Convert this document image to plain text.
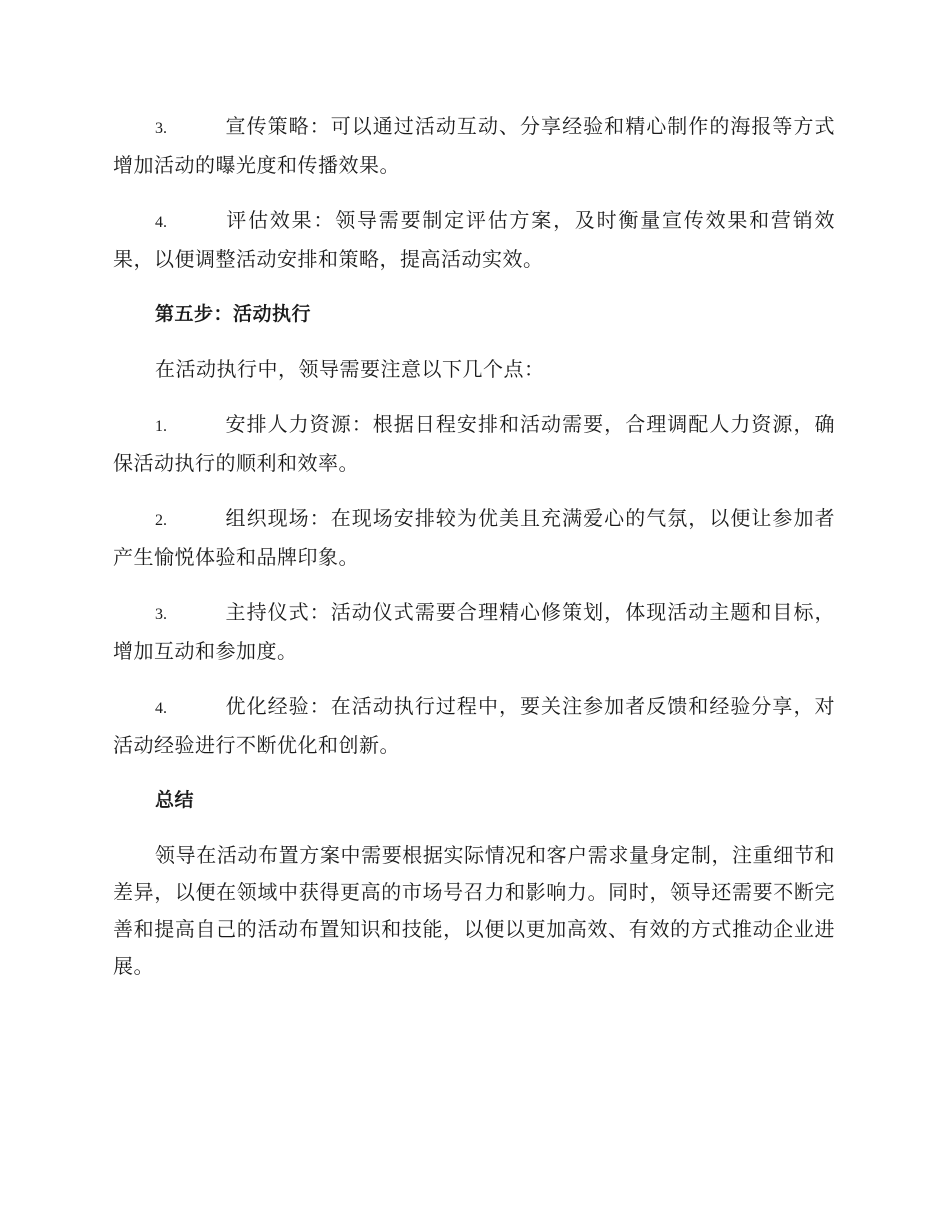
3.	宣传策略：可以通过活动互动、分享经验和精心制作的海报等方式增加活动的曝光度和传播效果。

4.	评估效果：领导需要制定评估方案，及时衡量宣传效果和营销效果，以便调整活动安排和策略，提高活动实效。

第五步：活动执行

在活动执行中，领导需要注意以下几个点：

1.	安排人力资源：根据日程安排和活动需要，合理调配人力资源，确保活动执行的顺利和效率。

2.	组织现场：在现场安排较为优美且充满爱心的气氛，以便让参加者产生愉悦体验和品牌印象。

3.	主持仪式：活动仪式需要合理精心修策划，体现活动主题和目标，增加互动和参加度。

4.	优化经验：在活动执行过程中，要关注参加者反馈和经验分享，对活动经验进行不断优化和创新。

总结

领导在活动布置方案中需要根据实际情况和客户需求量身定制，注重细节和差异，以便在领域中获得更高的市场号召力和影响力。同时，领导还需要不断完善和提高自己的活动布置知识和技能，以便以更加高效、有效的方式推动企业进展。
